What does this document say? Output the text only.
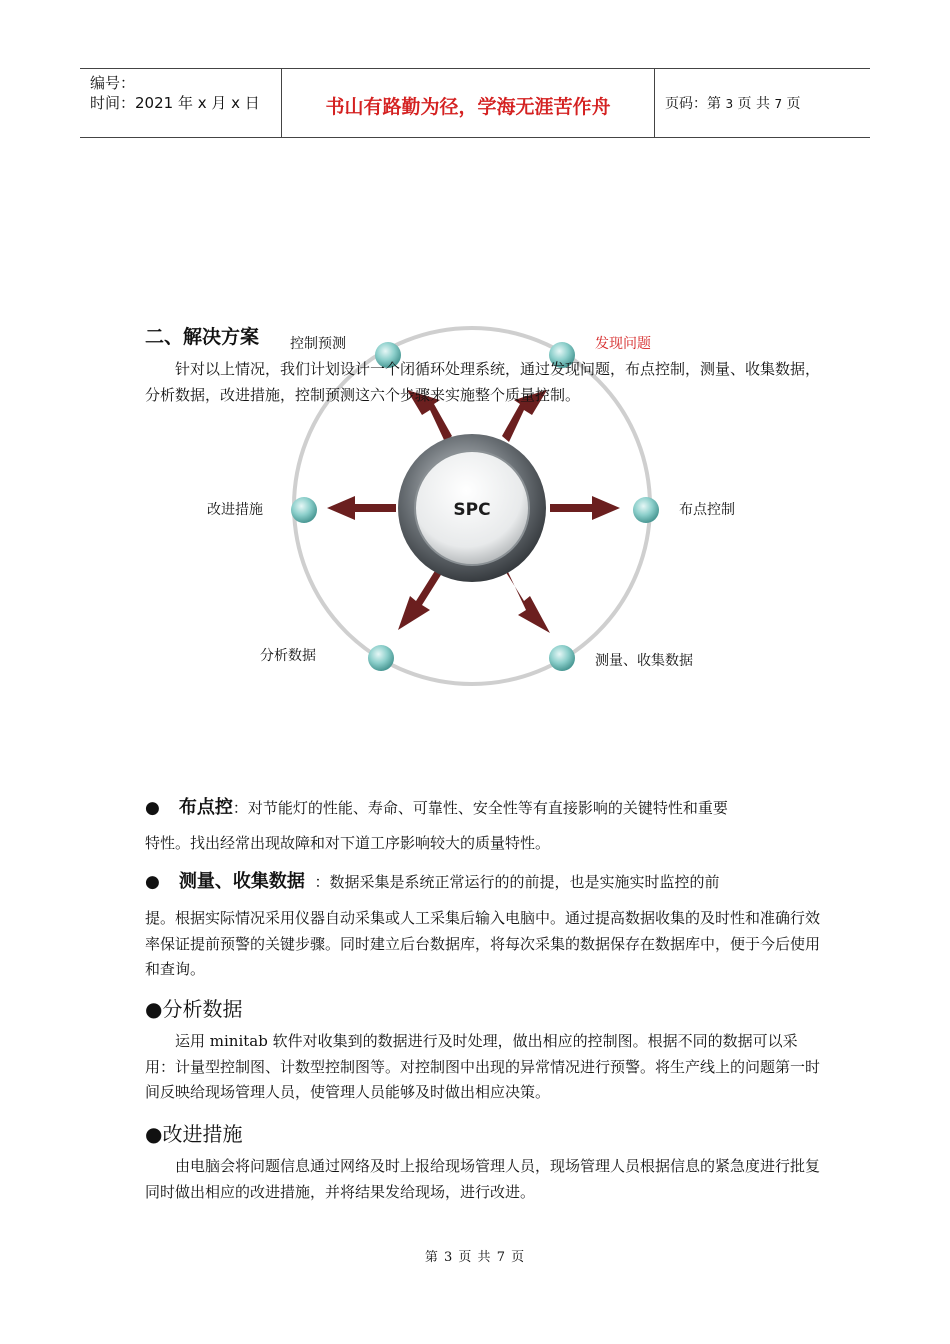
编号：
时间：2021 年 x 月 x 日	书山有路勤为径，学海无涯苦作舟	页码：第 3 页 共 7 页
SPC
控制预测	发现问题
改进措施	布点控制
分析数据	测量、收集数据
二、解决方案
针对以上情况，我们计划设计一个闭循环处理系统，通过发现问题，布点控制，测量、收集数据，分析数据，改进措施，控制预测这六个步骤来实施整个质量控制。
● 布点控：对节能灯的性能、寿命、可靠性、安全性等有直接影响的关键特性和重要
特性。找出经常出现故障和对下道工序影响较大的质量特性。
● 测量、收集数据 ：数据采集是系统正常运行的的前提，也是实施实时监控的前
提。根据实际情况采用仪器自动采集或人工采集后输入电脑中。通过提高数据收集的及时性和准确行效率保证提前预警的关键步骤。同时建立后台数据库，将每次采集的数据保存在数据库中，便于今后使用和查询。
●分析数据
运用 minitab 软件对收集到的数据进行及时处理，做出相应的控制图。根据不同的数据可以采用：计量型控制图、计数型控制图等。对控制图中出现的异常情况进行预警。将生产线上的问题第一时间反映给现场管理人员，使管理人员能够及时做出相应决策。
●改进措施
由电脑会将问题信息通过网络及时上报给现场管理人员，现场管理人员根据信息的紧急度进行批复同时做出相应的改进措施，并将结果发给现场，进行改进。
第 3 页 共 7 页
